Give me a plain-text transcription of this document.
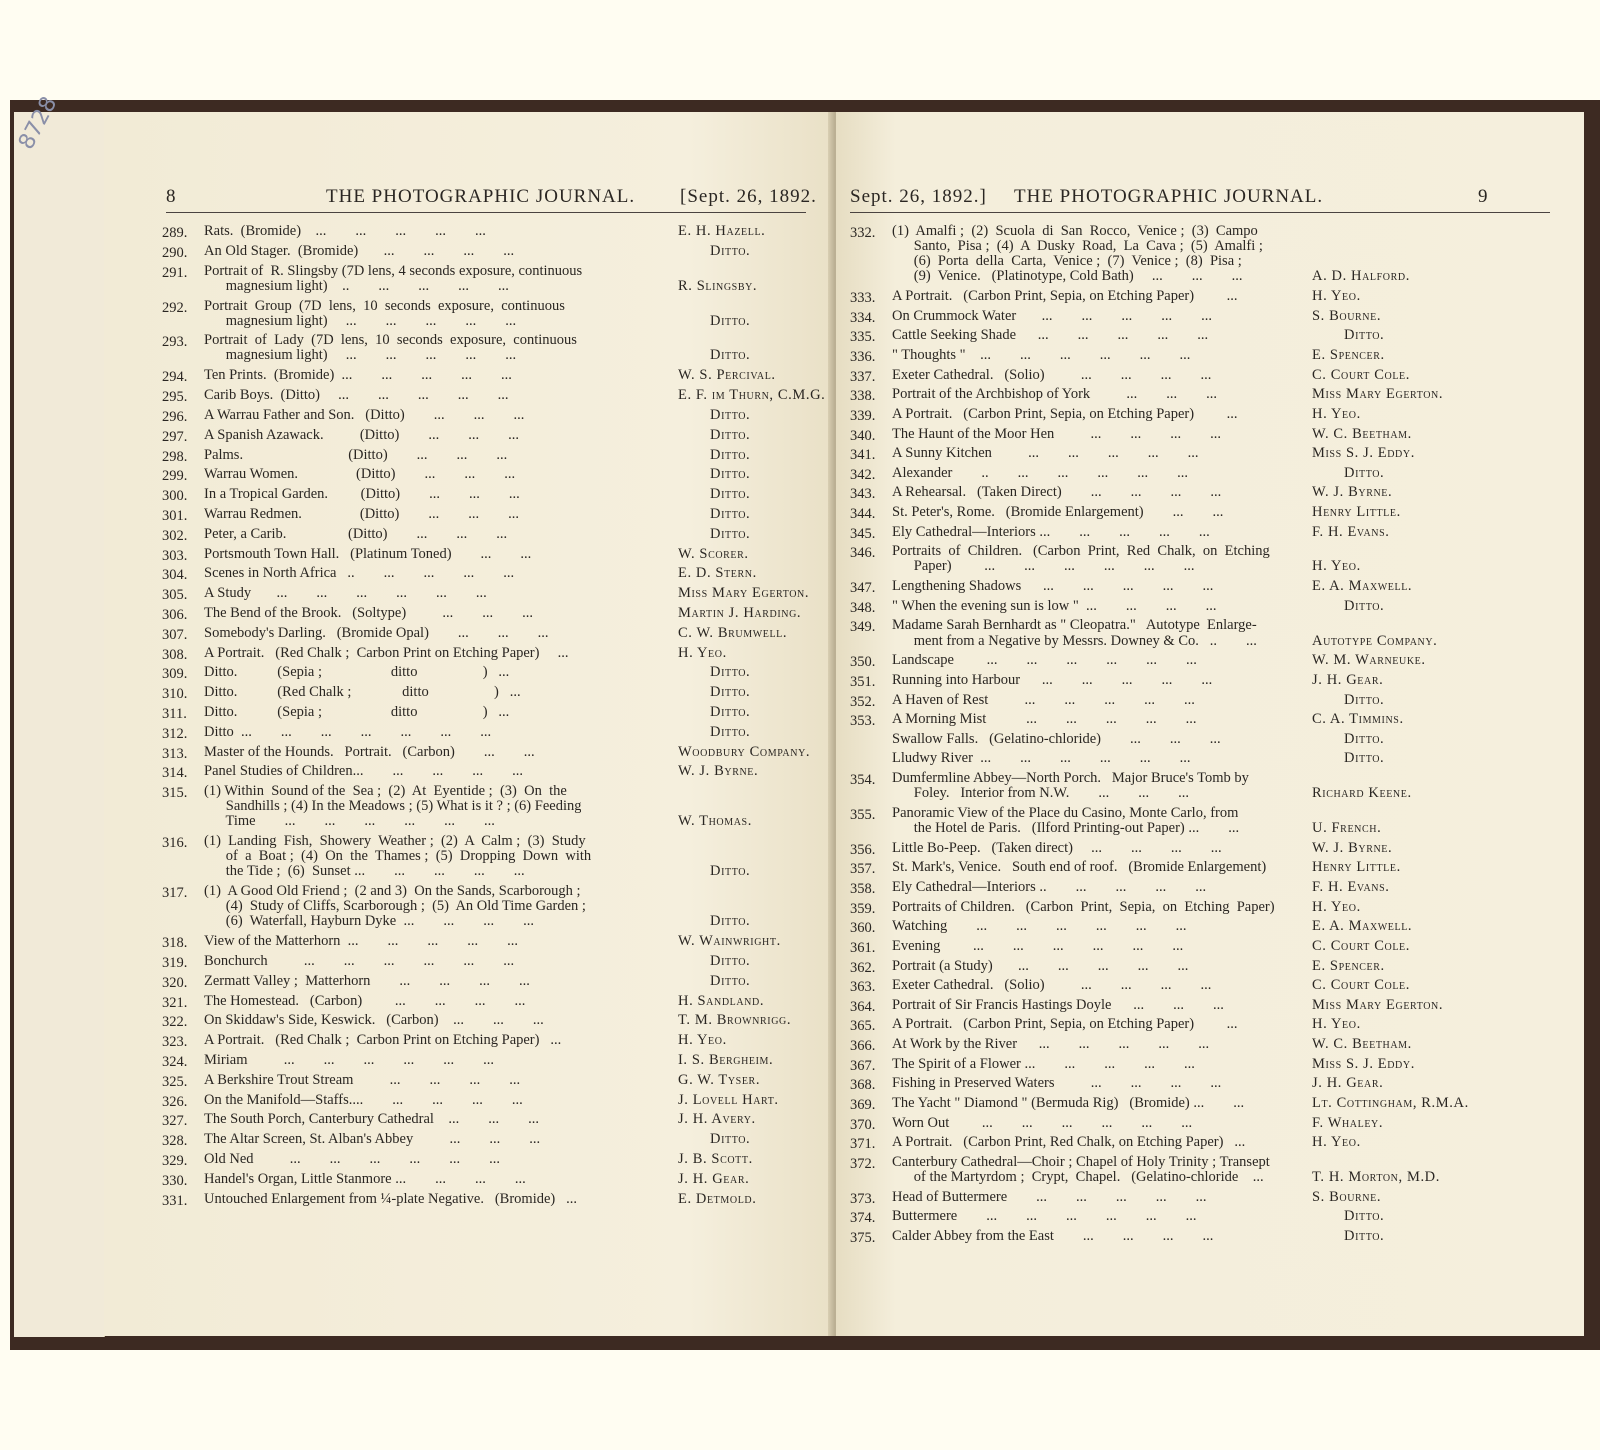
8728
8	THE PHOTOGRAPHIC JOURNAL. [Sept. 26, 1892.
289.	Rats.  (Bromide)    ...        ...        ...        ...        ...	E. H. Hazell.
290.	An Old Stager.  (Bromide)       ...        ...        ...        ...	Ditto.
291.	Portrait of  R. Slingsby (7D lens, 4 seconds exposure, continuous
magnesium light)    ..        ...        ...        ...        ...	R. Slingsby.
292.	Portrait  Group  (7D  lens,  10  seconds  exposure,  continuous
magnesium light)     ...        ...        ...        ...        ...	Ditto.
293.	Portrait  of  Lady  (7D  lens,  10  seconds  exposure,  continuous
magnesium light)     ...        ...        ...        ...        ...	Ditto.
294.	Ten Prints.  (Bromide)  ...        ...        ...        ...        ...	W. S. Percival.
295.	Carib Boys.  (Ditto)     ...        ...        ...        ...        ...	E. F. im Thurn, C.M.G.
296.	A Warrau Father and Son.   (Ditto)        ...        ...        ...	Ditto.
297.	A Spanish Azawack.          (Ditto)        ...        ...        ...	Ditto.
298.	Palms.                             (Ditto)        ...        ...        ...	Ditto.
299.	Warrau Women.                (Ditto)        ...        ...        ...	Ditto.
300.	In a Tropical Garden.         (Ditto)        ...        ...        ...	Ditto.
301.	Warrau Redmen.                (Ditto)        ...        ...        ...	Ditto.
302.	Peter, a Carib.                 (Ditto)        ...        ...        ...	Ditto.
303.	Portsmouth Town Hall.   (Platinum Toned)        ...        ...	W. Scorer.
304.	Scenes in North Africa   ..        ...        ...        ...        ...	E. D. Stern.
305.	A Study       ...        ...        ...        ...        ...        ...	Miss Mary Egerton.
306.	The Bend of the Brook.   (Soltype)          ...        ...        ...	Martin J. Harding.
307.	Somebody's Darling.   (Bromide Opal)        ...        ...        ...	C. W. Brumwell.
308.	A Portrait.   (Red Chalk ;  Carbon Print on Etching Paper)     ...	H. Yeo.
309.	Ditto.           (Sepia ;                   ditto                  )   ...	Ditto.
310.	Ditto.           (Red Chalk ;              ditto                  )   ...	Ditto.
311.	Ditto.           (Sepia ;                   ditto                  )   ...	Ditto.
312.	Ditto  ...        ...        ...        ...        ...        ...        ...	Ditto.
313.	Master of the Hounds.   Portrait.   (Carbon)        ...        ...	Woodbury Company.
314.	Panel Studies of Children...        ...        ...        ...        ...	W. J. Byrne.
315.	(1) Within  Sound of the  Sea ;  (2)  At  Eyentide ;  (3)  On  the
Sandhills ; (4) In the Meadows ; (5) What is it ? ; (6) Feeding
Time        ...        ...        ...        ...        ...        ...	W. Thomas.
316.	(1)  Landing  Fish,  Showery  Weather ;  (2)  A  Calm ;  (3)  Study
of  a  Boat ;  (4)  On  the  Thames ;  (5)  Dropping  Down  with
the Tide ;  (6)  Sunset ...        ...        ...        ...        ...	Ditto.
317.	(1)  A Good Old Friend ;  (2 and 3)  On the Sands, Scarborough ;
(4)  Study of Cliffs, Scarborough ;  (5)  An Old Time Garden ;
(6)  Waterfall, Hayburn Dyke  ...        ...        ...        ...	Ditto.
318.	View of the Matterhorn  ...        ...        ...        ...        ...	W. Wainwright.
319.	Bonchurch          ...        ...        ...        ...        ...        ...	Ditto.
320.	Zermatt Valley ;  Matterhorn        ...        ...        ...        ...	Ditto.
321.	The Homestead.   (Carbon)         ...        ...        ...        ...	H. Sandland.
322.	On Skiddaw's Side, Keswick.   (Carbon)    ...        ...        ...	T. M. Brownrigg.
323.	A Portrait.   (Red Chalk ;  Carbon Print on Etching Paper)   ...	H. Yeo.
324.	Miriam          ...        ...        ...        ...        ...        ...	I. S. Bergheim.
325.	A Berkshire Trout Stream          ...        ...        ...        ...	G. W. Tyser.
326.	On the Manifold—Staffs....        ...        ...        ...        ...	J. Lovell Hart.
327.	The South Porch, Canterbury Cathedral    ...        ...        ...	J. H. Avery.
328.	The Altar Screen, St. Alban's Abbey          ...        ...        ...	Ditto.
329.	Old Ned          ...        ...        ...        ...        ...        ...	J. B. Scott.
330.	Handel's Organ, Little Stanmore ...        ...        ...        ...	J. H. Gear.
331.	Untouched Enlargement from ¼-plate Negative.   (Bromide)   ...	E. Detmold.
Sept. 26, 1892.] THE PHOTOGRAPHIC JOURNAL.	9
332.	(1)  Amalfi ;  (2)  Scuola  di  San  Rocco,  Venice ;  (3)  Campo
Santo,  Pisa ;  (4)  A  Dusky  Road,  La  Cava ;  (5)  Amalfi ;
(6)  Porta  della  Carta,  Venice ;  (7)  Venice ;  (8)  Pisa ;
(9)  Venice.   (Platinotype, Cold Bath)     ...        ...        ...	A. D. Halford.
333.	A Portrait.   (Carbon Print, Sepia, on Etching Paper)         ...	H. Yeo.
334.	On Crummock Water       ...        ...        ...        ...        ...	S. Bourne.
335.	Cattle Seeking Shade      ...        ...        ...        ...        ...	Ditto.
336.	" Thoughts "    ...        ...        ...        ...        ...        ...	E. Spencer.
337.	Exeter Cathedral.   (Solio)          ...        ...        ...        ...	C. Court Cole.
338.	Portrait of the Archbishop of York          ...        ...        ...	Miss Mary Egerton.
339.	A Portrait.   (Carbon Print, Sepia, on Etching Paper)         ...	H. Yeo.
340.	The Haunt of the Moor Hen          ...        ...        ...        ...	W. C. Beetham.
341.	A Sunny Kitchen          ...        ...        ...        ...        ...	Miss S. J. Eddy.
342.	Alexander        ..        ...        ...        ...        ...        ...	Ditto.
343.	A Rehearsal.   (Taken Direct)        ...        ...        ...        ...	W. J. Byrne.
344.	St. Peter's, Rome.   (Bromide Enlargement)        ...        ...	Henry Little.
345.	Ely Cathedral—Interiors ...        ...        ...        ...        ...	F. H. Evans.
346.	Portraits  of  Children.   (Carbon  Print,  Red  Chalk,  on  Etching
Paper)         ...        ...        ...        ...        ...        ...	H. Yeo.
347.	Lengthening Shadows      ...        ...        ...        ...        ...	E. A. Maxwell.
348.	" When the evening sun is low "  ...        ...        ...        ...	Ditto.
349.	Madame Sarah Bernhardt as " Cleopatra."   Autotype  Enlarge-
ment from a Negative by Messrs. Downey & Co.   ..        ...	Autotype Company.
350.	Landscape         ...        ...        ...        ...        ...        ...	W. M. Warneuke.
351.	Running into Harbour      ...        ...        ...        ...        ...	J. H. Gear.
352.	A Haven of Rest          ...        ...        ...        ...        ...	Ditto.
353.	A Morning Mist           ...        ...        ...        ...        ...	C. A. Timmins.
Swallow Falls.   (Gelatino-chloride)        ...        ...        ...	Ditto.
Lludwy River  ...        ...        ...        ...        ...        ...	Ditto.
354.	Dumfermline Abbey—North Porch.   Major Bruce's Tomb by
Foley.   Interior from N.W.        ...        ...        ...	Richard Keene.
355.	Panoramic View of the Place du Casino, Monte Carlo, from
the Hotel de Paris.   (Ilford Printing-out Paper) ...        ...	U. French.
356.	Little Bo-Peep.   (Taken direct)     ...        ...        ...        ...	W. J. Byrne.
357.	St. Mark's, Venice.   South end of roof.   (Bromide Enlargement)	Henry Little.
358.	Ely Cathedral—Interiors ..        ...        ...        ...        ...	F. H. Evans.
359.	Portraits of Children.   (Carbon  Print,  Sepia,  on  Etching  Paper)	H. Yeo.
360.	Watching        ...        ...        ...        ...        ...        ...	E. A. Maxwell.
361.	Evening         ...        ...        ...        ...        ...        ...	C. Court Cole.
362.	Portrait (a Study)       ...        ...        ...        ...        ...	E. Spencer.
363.	Exeter Cathedral.   (Solio)          ...        ...        ...        ...	C. Court Cole.
364.	Portrait of Sir Francis Hastings Doyle      ...        ...        ...	Miss Mary Egerton.
365.	A Portrait.   (Carbon Print, Sepia, on Etching Paper)         ...	H. Yeo.
366.	At Work by the River      ...        ...        ...        ...        ...	W. C. Beetham.
367.	The Spirit of a Flower ...        ...        ...        ...        ...	Miss S. J. Eddy.
368.	Fishing in Preserved Waters          ...        ...        ...        ...	J. H. Gear.
369.	The Yacht " Diamond " (Bermuda Rig)   (Bromide) ...        ...	Lt. Cottingham, R.M.A.
370.	Worn Out         ...        ...        ...        ...        ...        ...	F. Whaley.
371.	A Portrait.   (Carbon Print, Red Chalk, on Etching Paper)   ...	H. Yeo.
372.	Canterbury Cathedral—Choir ; Chapel of Holy Trinity ; Transept
of the Martyrdom ;  Crypt,  Chapel.   (Gelatino-chloride    ...	T. H. Morton, M.D.
373.	Head of Buttermere        ...        ...        ...        ...        ...	S. Bourne.
374.	Buttermere        ...        ...        ...        ...        ...        ...	Ditto.
375.	Calder Abbey from the East        ...        ...        ...        ...	Ditto.
